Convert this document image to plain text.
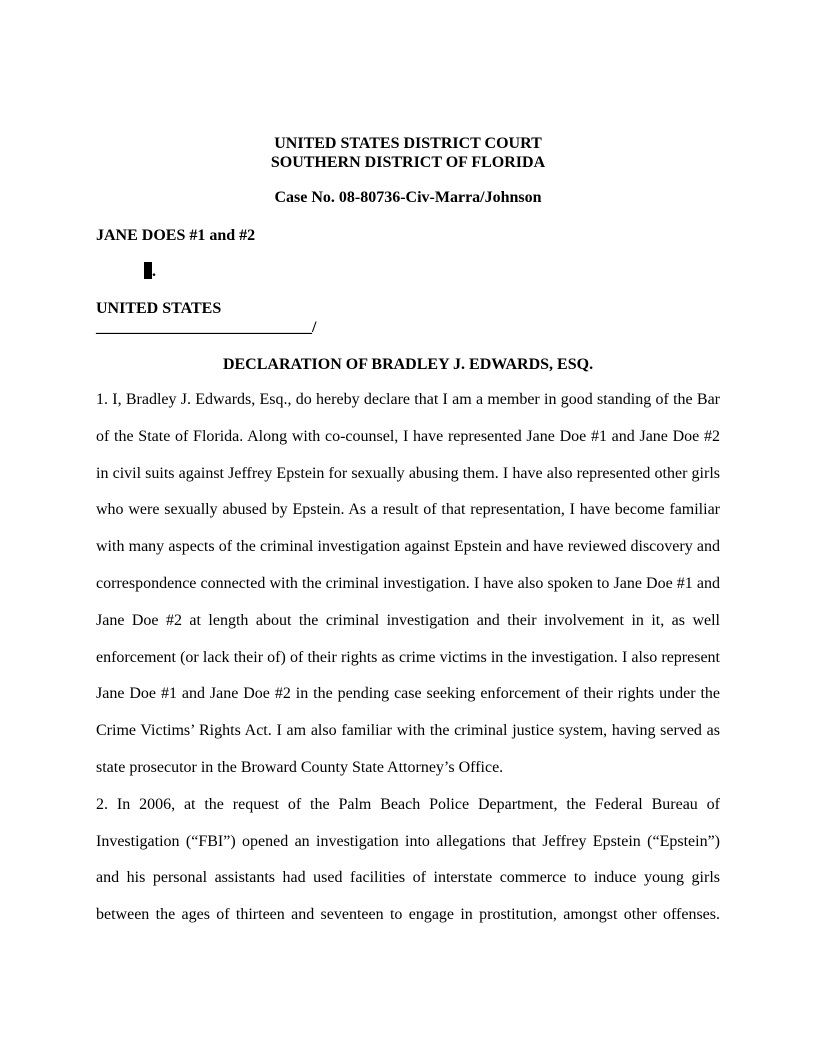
UNITED STATES DISTRICT COURT
SOUTHERN DISTRICT OF FLORIDA
Case No. 08-80736-Civ-Marra/Johnson
JANE DOES #1 and #2
.
UNITED STATES
___________________________/
DECLARATION OF BRADLEY J. EDWARDS, ESQ.

1. I, Bradley J. Edwards, Esq., do hereby declare that I am a member in good standing of the Bar of the State of Florida. Along with co-counsel, I have represented Jane Doe #1 and Jane Doe #2 in civil suits against Jeffrey Epstein for sexually abusing them. I have also represented other girls who were sexually abused by Epstein. As a result of that representation, I have become familiar with many aspects of the criminal investigation against Epstein and have reviewed discovery and correspondence connected with the criminal investigation. I have also spoken to Jane Doe #1 and Jane Doe #2 at length about the criminal investigation and their involvement in it, as well enforcement (or lack their of) of their rights as crime victims in the investigation. I also represent Jane Doe #1 and Jane Doe #2 in the pending case seeking enforcement of their rights under the Crime Victims’ Rights Act. I am also familiar with the criminal justice system, having served as state prosecutor in the Broward County State Attorney’s Office.

2. In 2006, at the request of the Palm Beach Police Department, the Federal Bureau of Investigation (“FBI”) opened an investigation into allegations that Jeffrey Epstein (“Epstein”) and his personal assistants had used facilities of interstate commerce to induce young girls between the ages of thirteen and seventeen to engage in prostitution, amongst other offenses.
